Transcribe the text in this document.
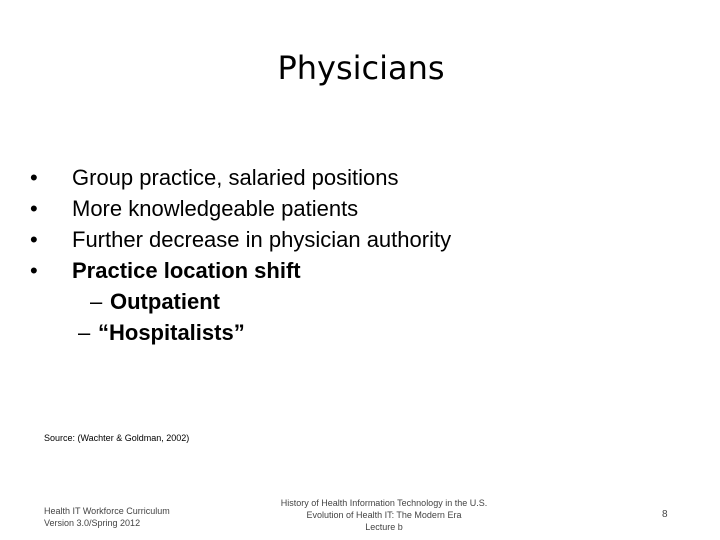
Physicians
•	Group practice, salaried positions
•	More knowledgeable patients
•	Further decrease in physician authority
•	Practice location shift
– Outpatient
– “Hospitalists”
Source: (Wachter & Goldman, 2002)
Health IT Workforce Curriculum
Version 3.0/Spring 2012
History of Health Information Technology in the U.S.
Evolution of Health IT: The Modern Era
Lecture b
8
